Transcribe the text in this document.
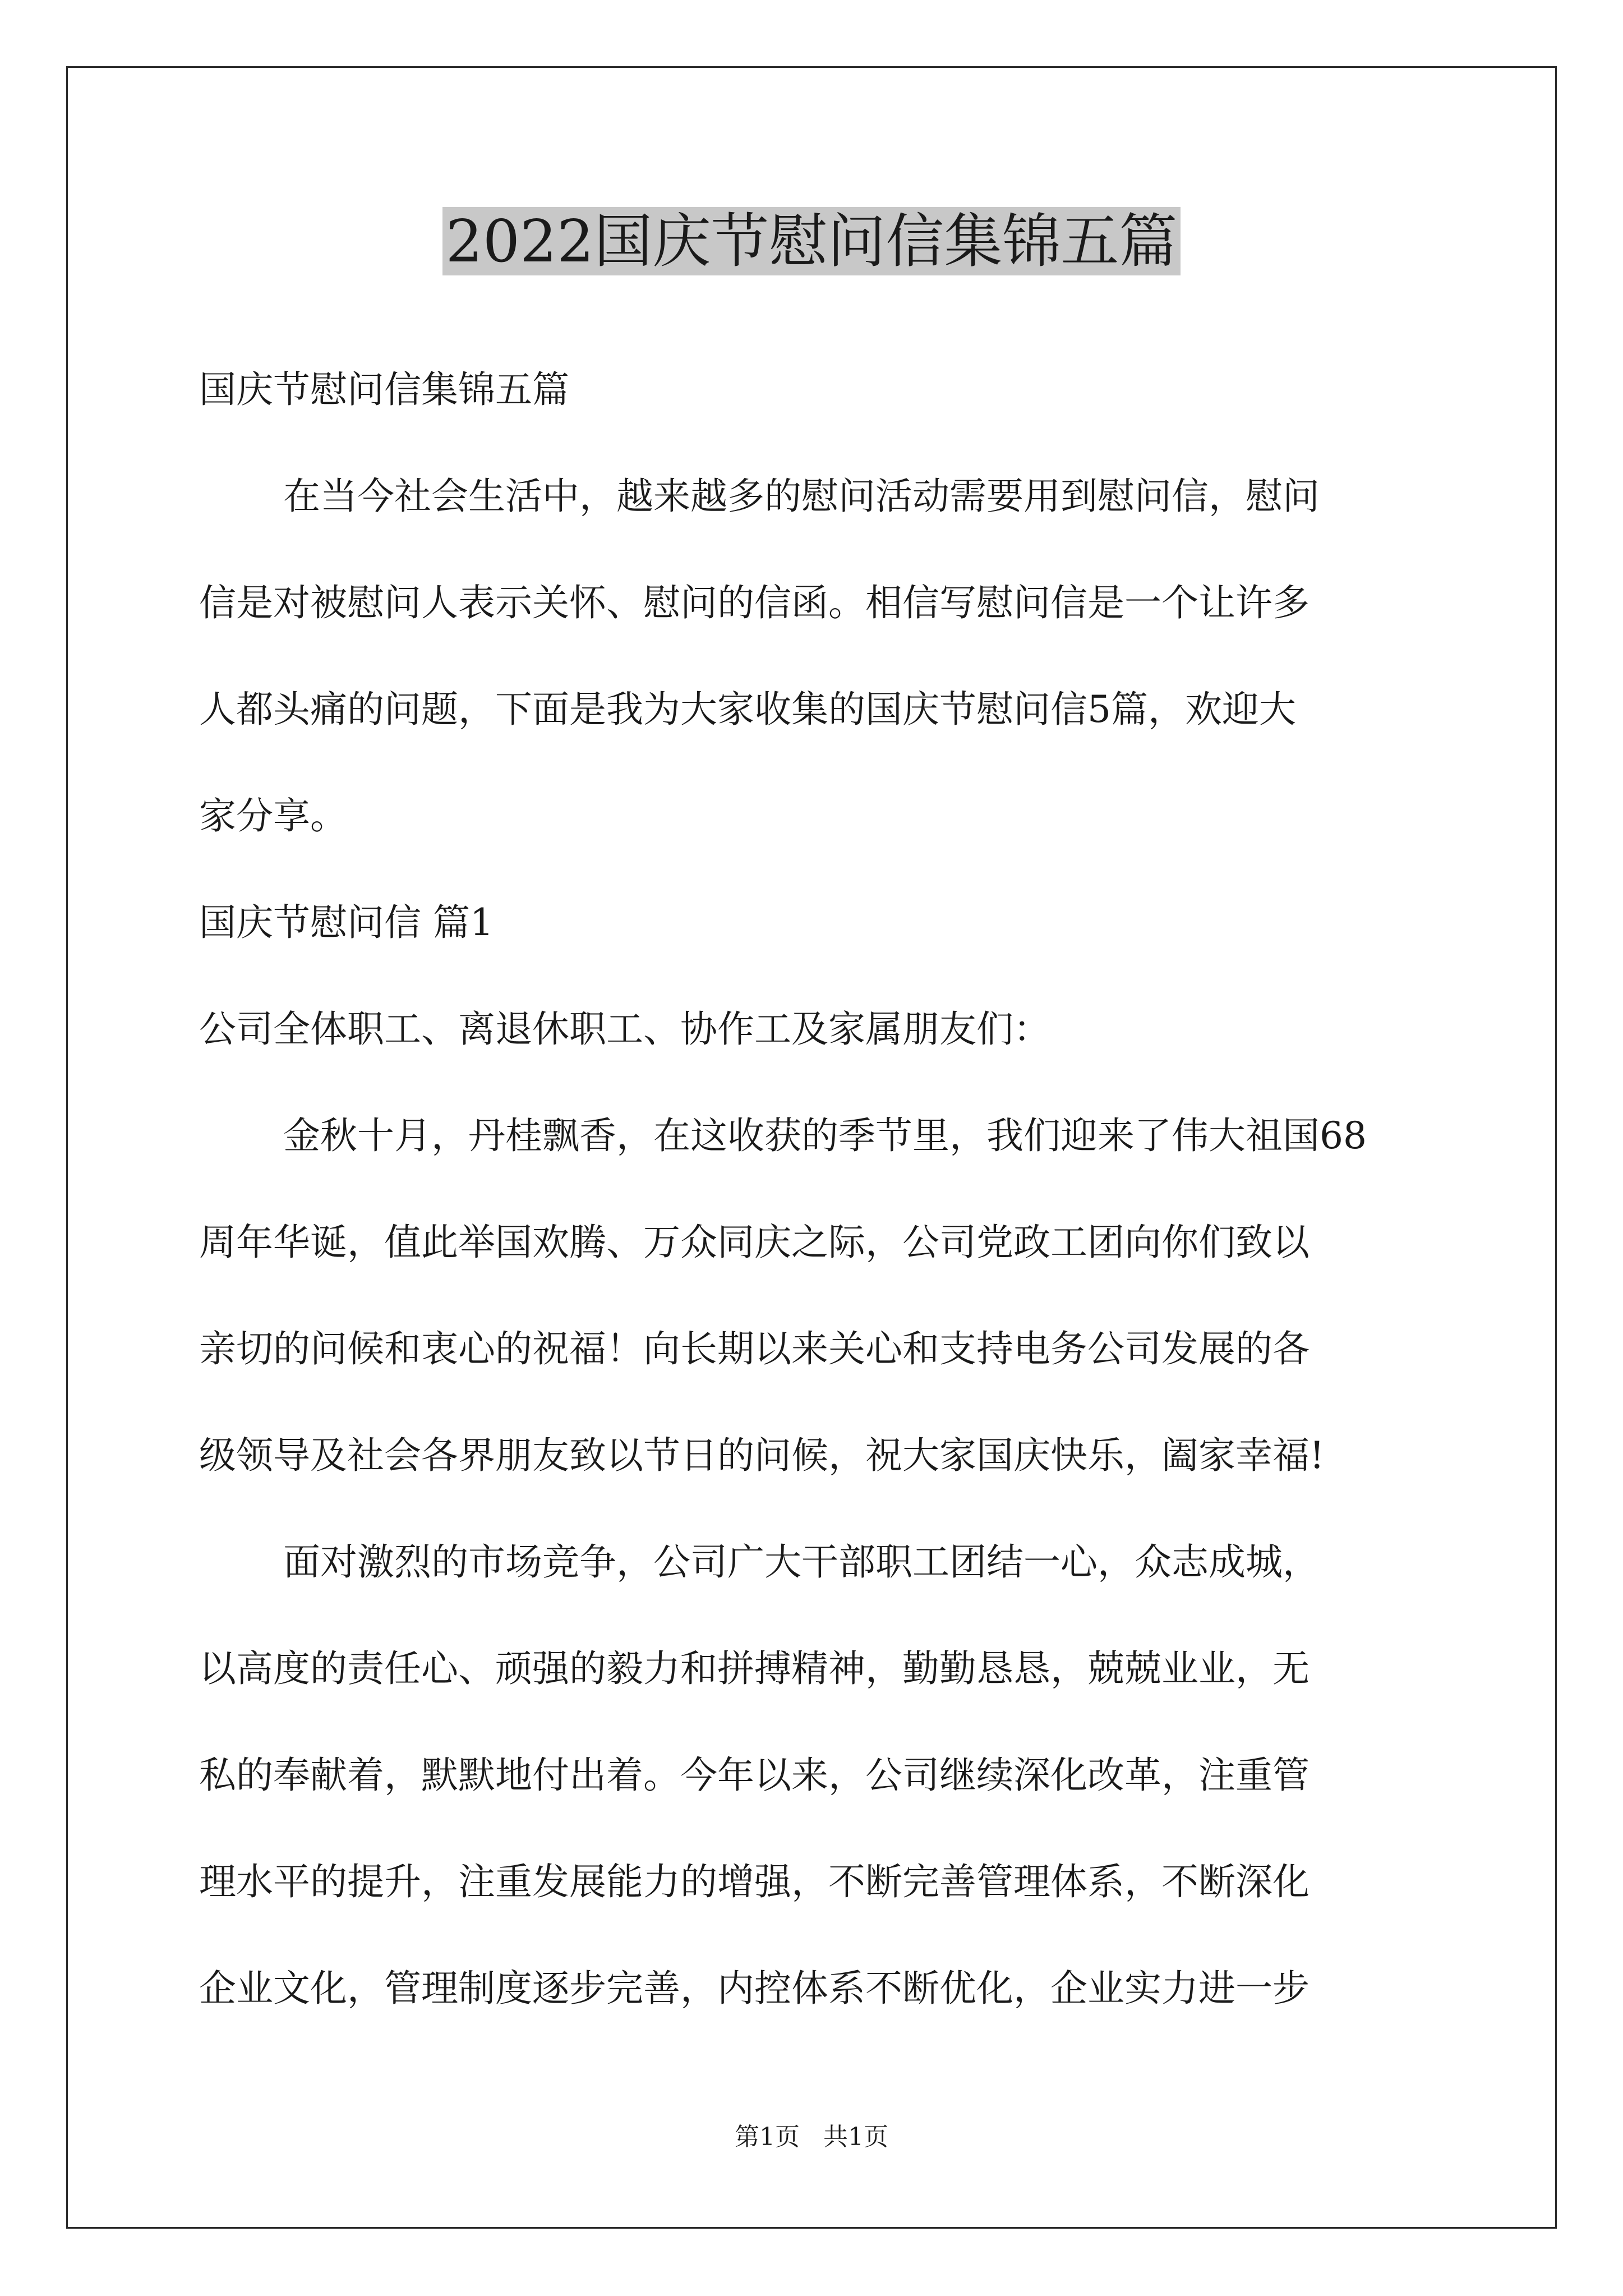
2022国庆节慰问信集锦五篇
国庆节慰问信集锦五篇
在当今社会生活中，越来越多的慰问活动需要用到慰问信，慰问
信是对被慰问人表示关怀、慰问的信函。相信写慰问信是一个让许多
人都头痛的问题，下面是我为大家收集的国庆节慰问信5篇，欢迎大
家分享。
国庆节慰问信 篇1
公司全体职工、离退休职工、协作工及家属朋友们：
金秋十月，丹桂飘香，在这收获的季节里，我们迎来了伟大祖国68
周年华诞，值此举国欢腾、万众同庆之际，公司党政工团向你们致以
亲切的问候和衷心的祝福！向长期以来关心和支持电务公司发展的各
级领导及社会各界朋友致以节日的问候，祝大家国庆快乐，阖家幸福!
面对激烈的市场竞争，公司广大干部职工团结一心，众志成城，
以高度的责任心、顽强的毅力和拼搏精神，勤勤恳恳，兢兢业业，无
私的奉献着，默默地付出着。今年以来，公司继续深化改革，注重管
理水平的提升，注重发展能力的增强，不断完善管理体系，不断深化
企业文化，管理制度逐步完善，内控体系不断优化，企业实力进一步
第1页 共1页
